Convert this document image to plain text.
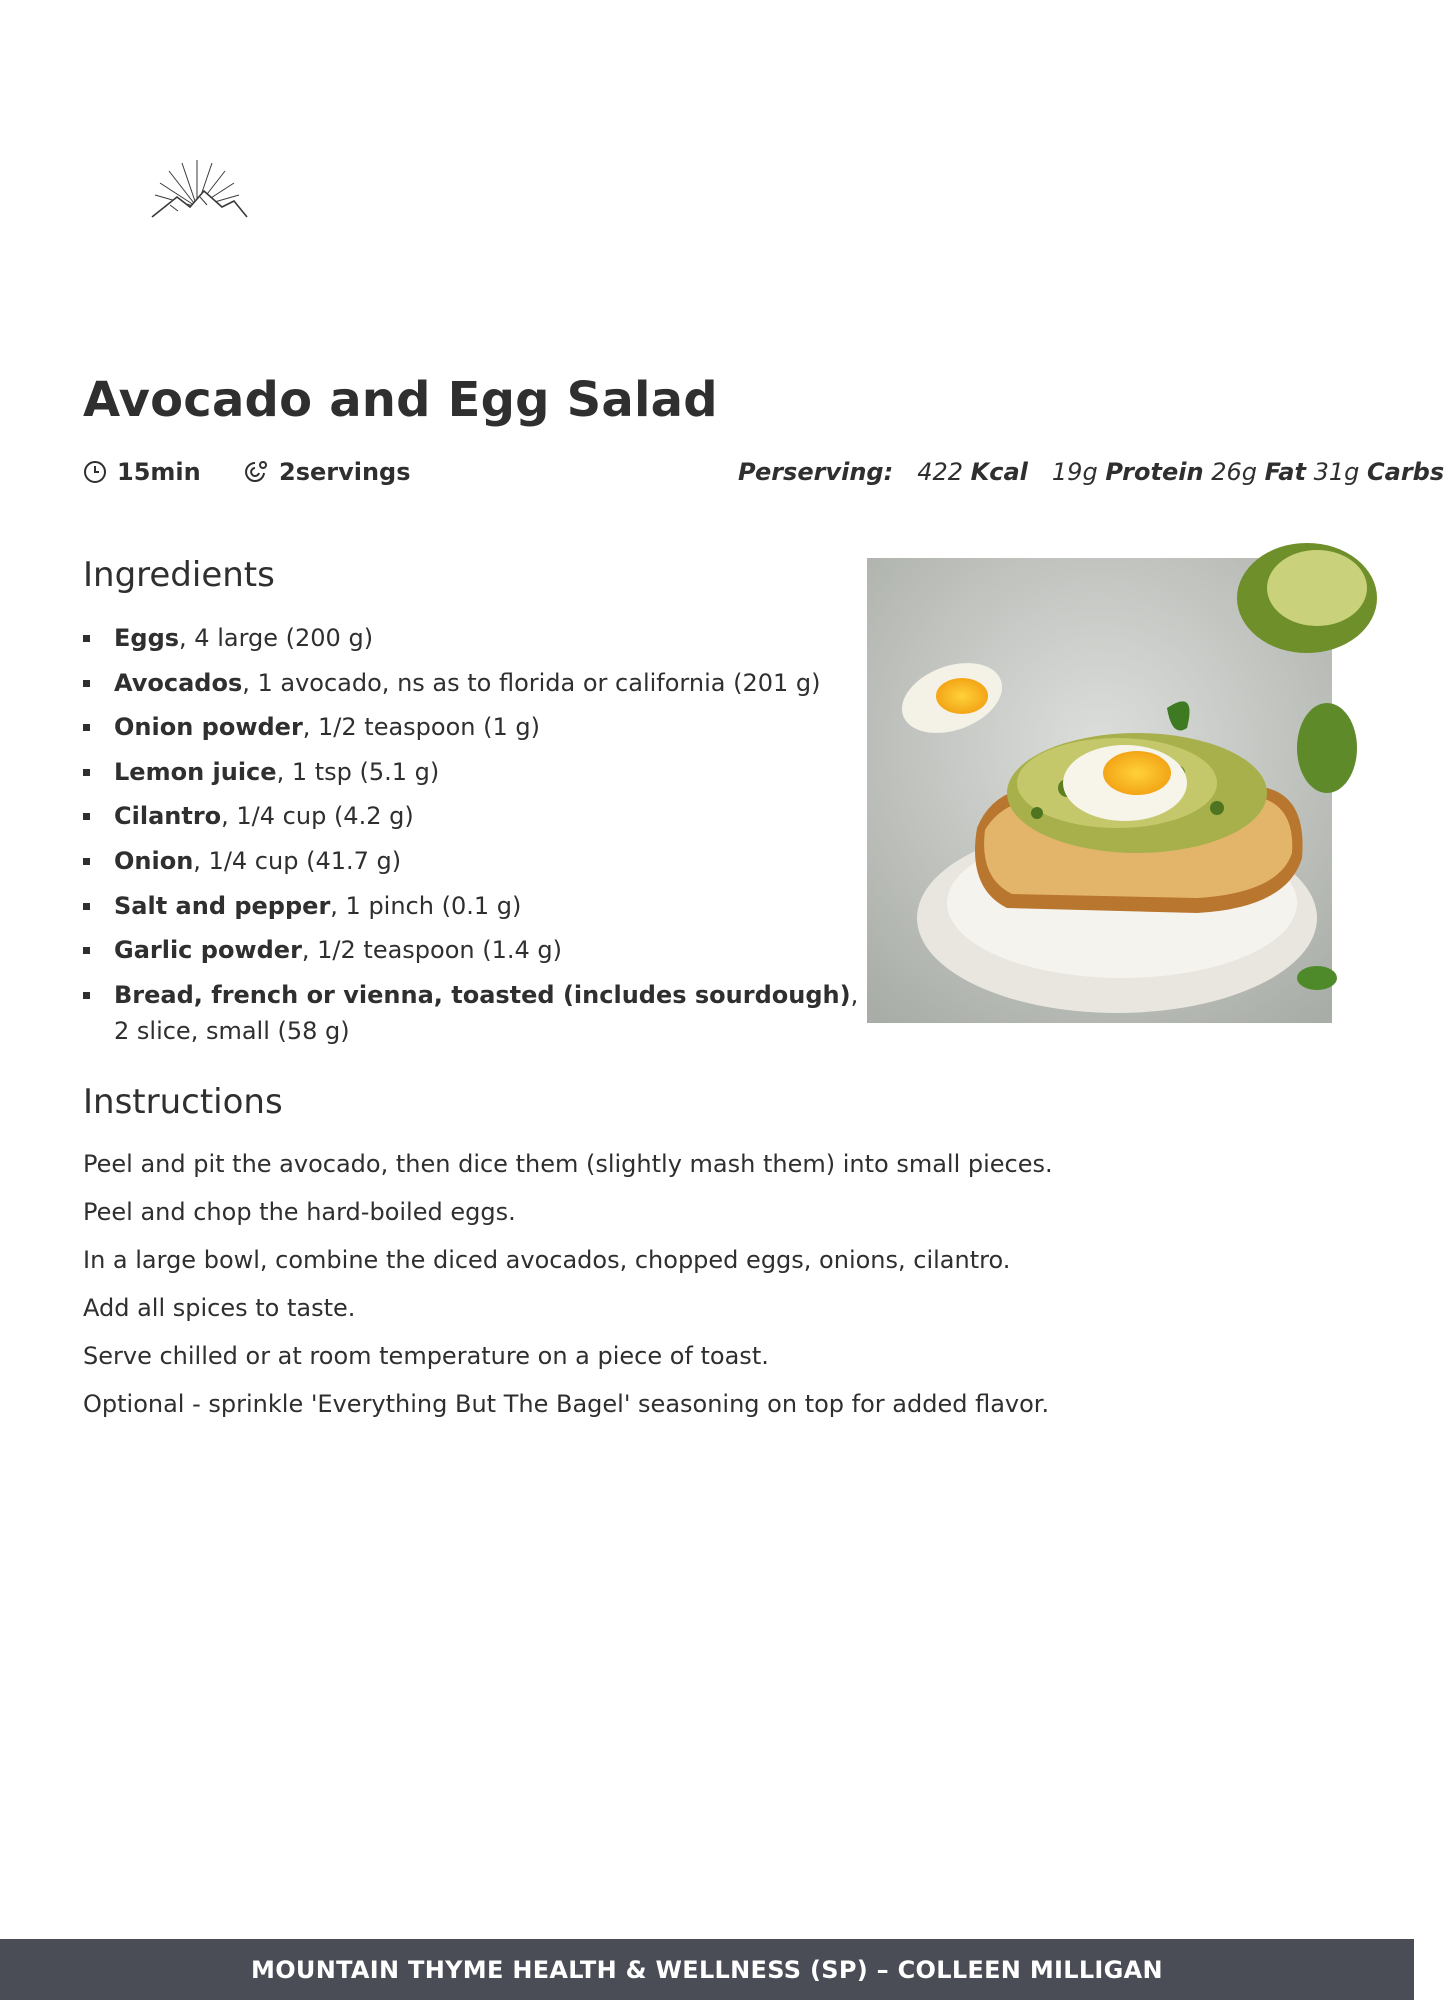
Avocado and Egg Salad
15min	2servings	Perserving: 422 Kcal 19g Protein 26g Fat 31g Carbs
Ingredients
Eggs, 4 large (200 g)
Avocados, 1 avocado, ns as to florida or california (201 g)
Onion powder, 1/2 teaspoon (1 g)
Lemon juice, 1 tsp (5.1 g)
Cilantro, 1/4 cup (4.2 g)
Onion, 1/4 cup (41.7 g)
Salt and pepper, 1 pinch (0.1 g)
Garlic powder, 1/2 teaspoon (1.4 g)
Bread, french or vienna, toasted (includes sourdough), 2 slice, small (58 g)
Instructions
Peel and pit the avocado, then dice them (slightly mash them) into small pieces.
Peel and chop the hard-boiled eggs.
In a large bowl, combine the diced avocados, chopped eggs, onions, cilantro.
Add all spices to taste.
Serve chilled or at room temperature on a piece of toast.
Optional - sprinkle 'Everything But The Bagel' seasoning on top for added flavor.
MOUNTAIN THYME HEALTH & WELLNESS (SP) – COLLEEN MILLIGAN
